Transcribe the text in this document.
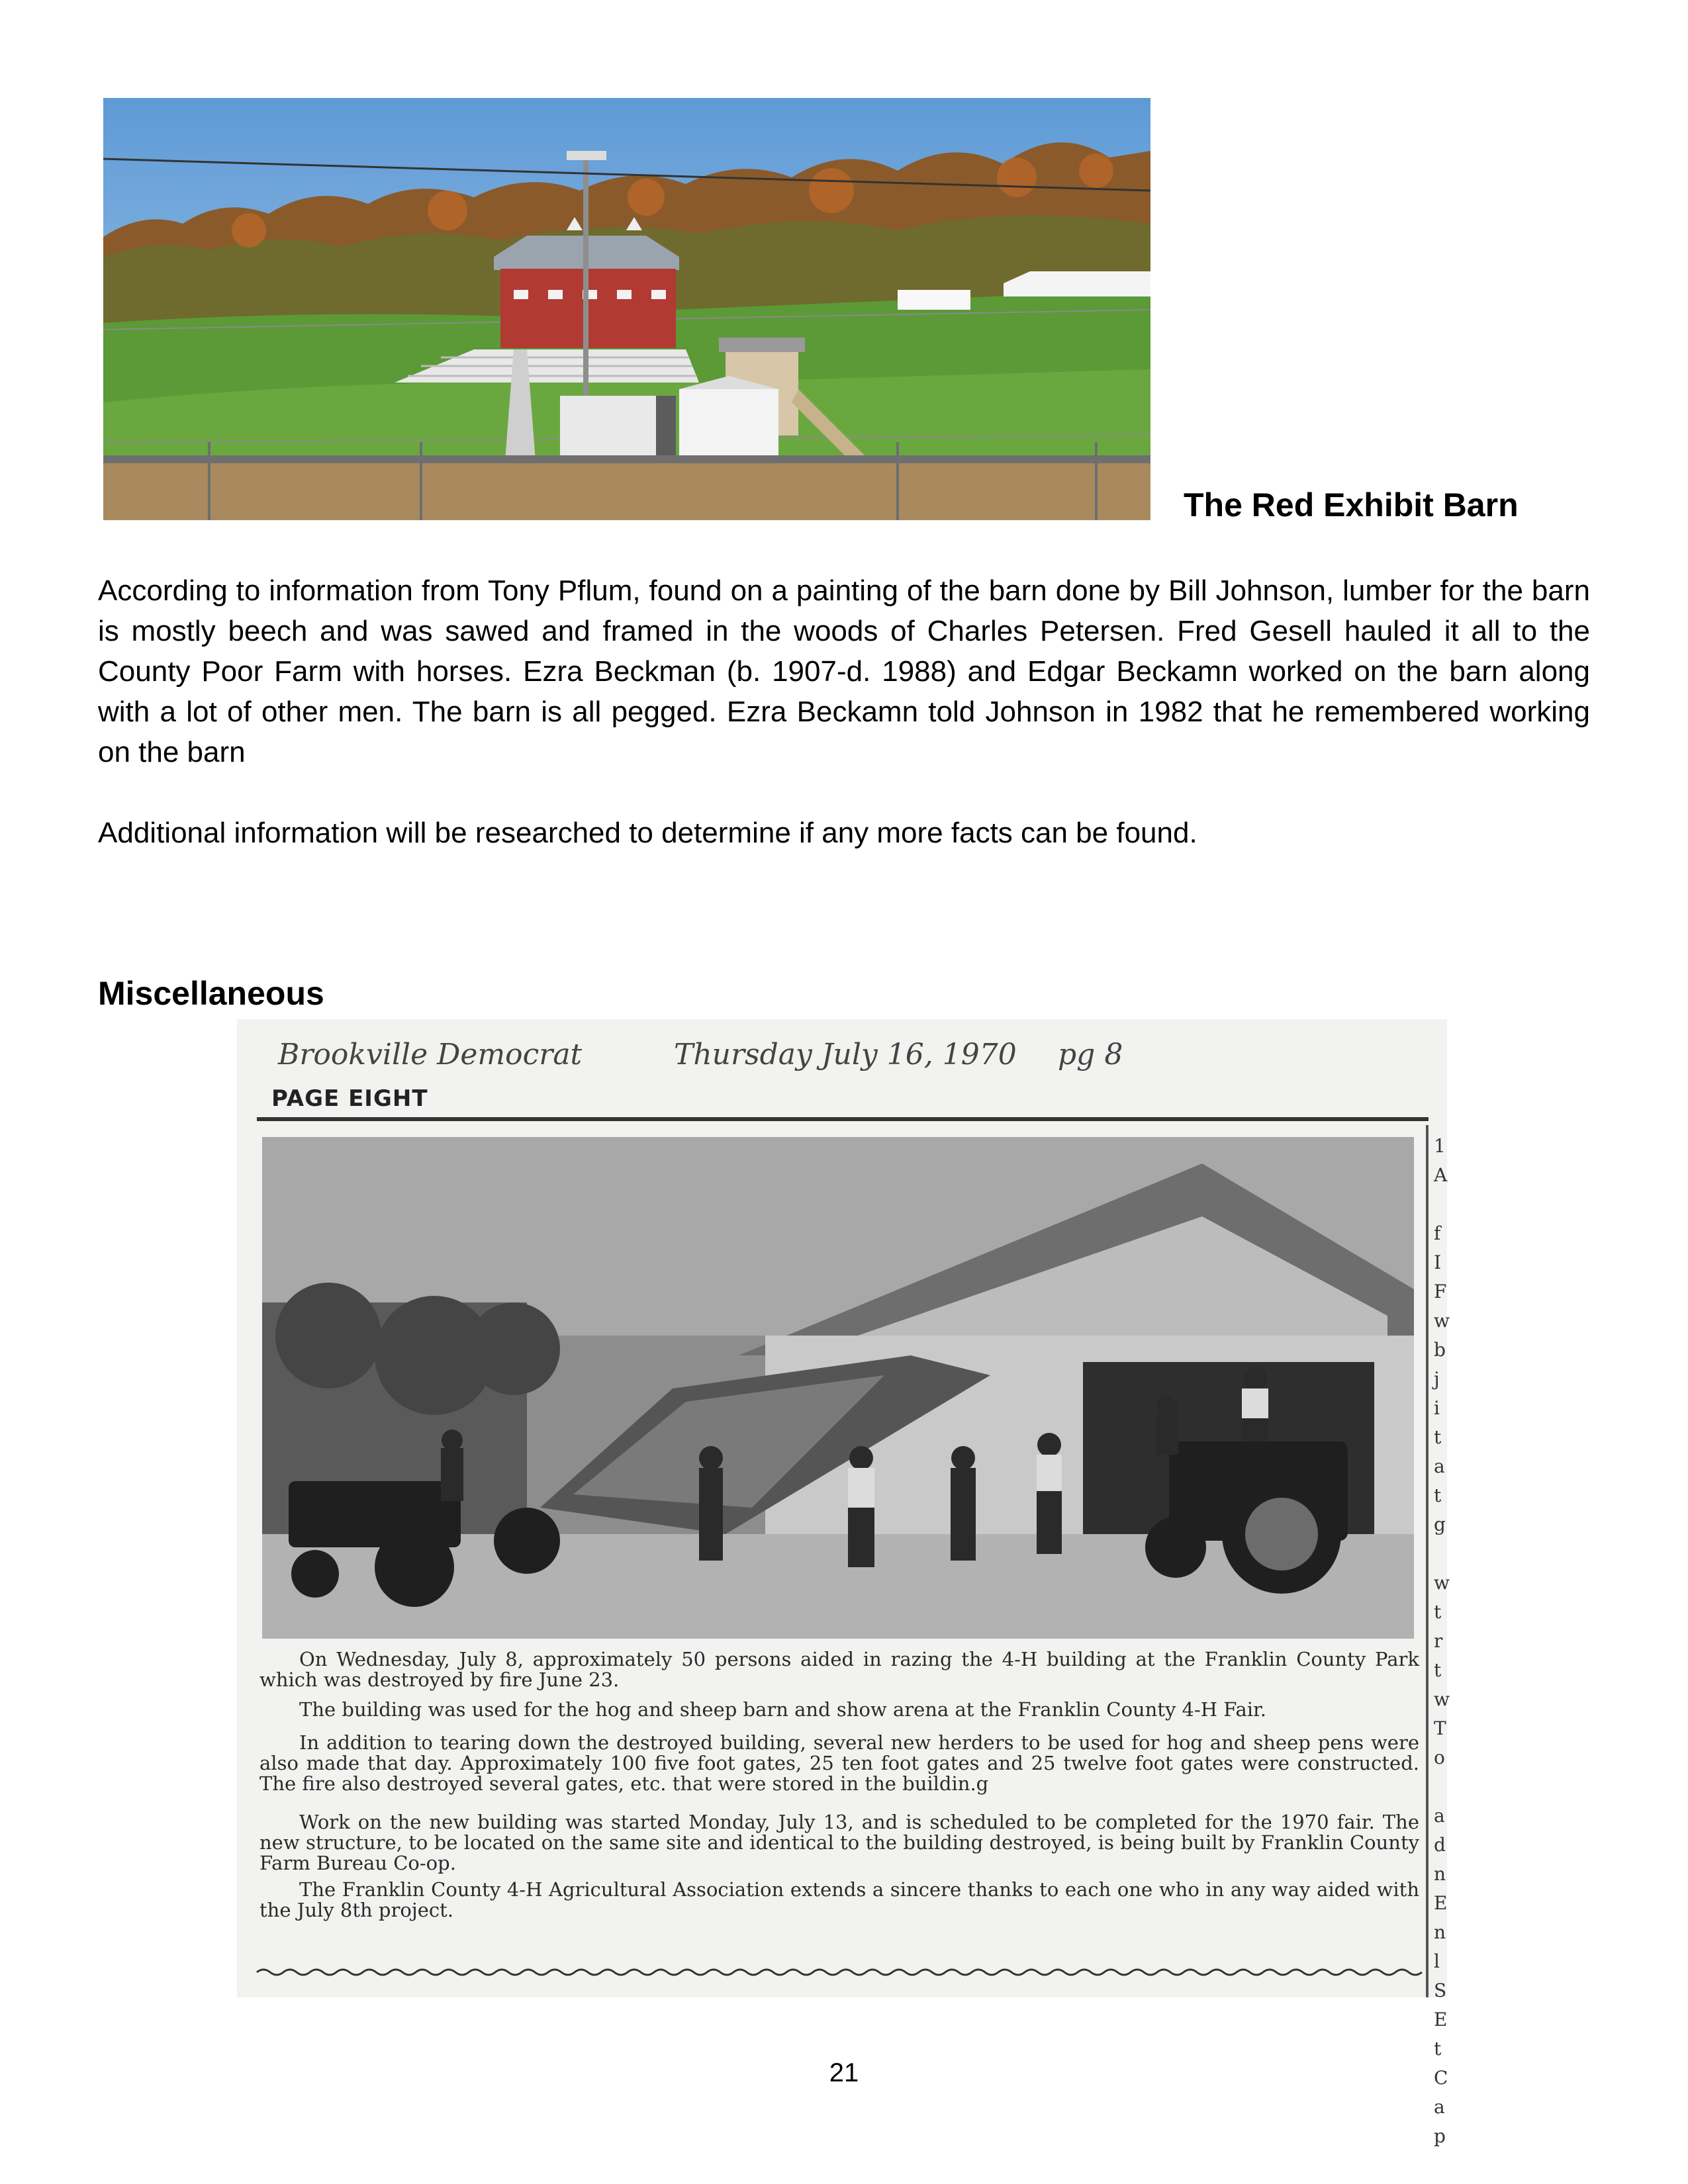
The Red Exhibit Barn

According to information from Tony Pflum, found on a painting of the barn done by Bill Johnson, lumber for the barn is mostly beech and was sawed and framed in the woods of Charles Petersen. Fred Gesell hauled it all to the County Poor Farm with horses. Ezra Beckman (b. 1907-d. 1988) and Edgar Beckamn worked on the barn along with a lot of other men. The barn is all pegged. Ezra Beckamn told Johnson in 1982 that he remembered working on the barn

Additional information will be researched to determine if any more facts can be found.

Miscellaneous
Brookville Democrat	Thursday July 16, 1970 pg 8
PAGE EIGHT
1
A

f
I
F
w
b
j
i
t
a
t
g

w
t
r
t
w
T
o

a
d
n
E
n
l
S
E
t
C
a
p

On Wednesday, July 8, approximately 50 persons aided in razing the 4-H building at the Franklin County Park which was destroyed by fire June 23.

The building was used for the hog and sheep barn and show arena at the Franklin County 4-H Fair.

In addition to tearing down the destroyed building, several new herders to be used for hog and sheep pens were also made that day. Approximately 100 five foot gates, 25 ten foot gates and 25 twelve foot gates were constructed. The fire also destroyed several gates, etc. that were stored in the buildin.g

Work on the new building was started Monday, July 13, and is scheduled to be completed for the 1970 fair. The new structure, to be located on the same site and identical to the building destroyed, is being built by Franklin County Farm Bureau Co-op.

The Franklin County 4-H Agricultural Association extends a sincere thanks to each one who in any way aided with the July 8th project.

21
